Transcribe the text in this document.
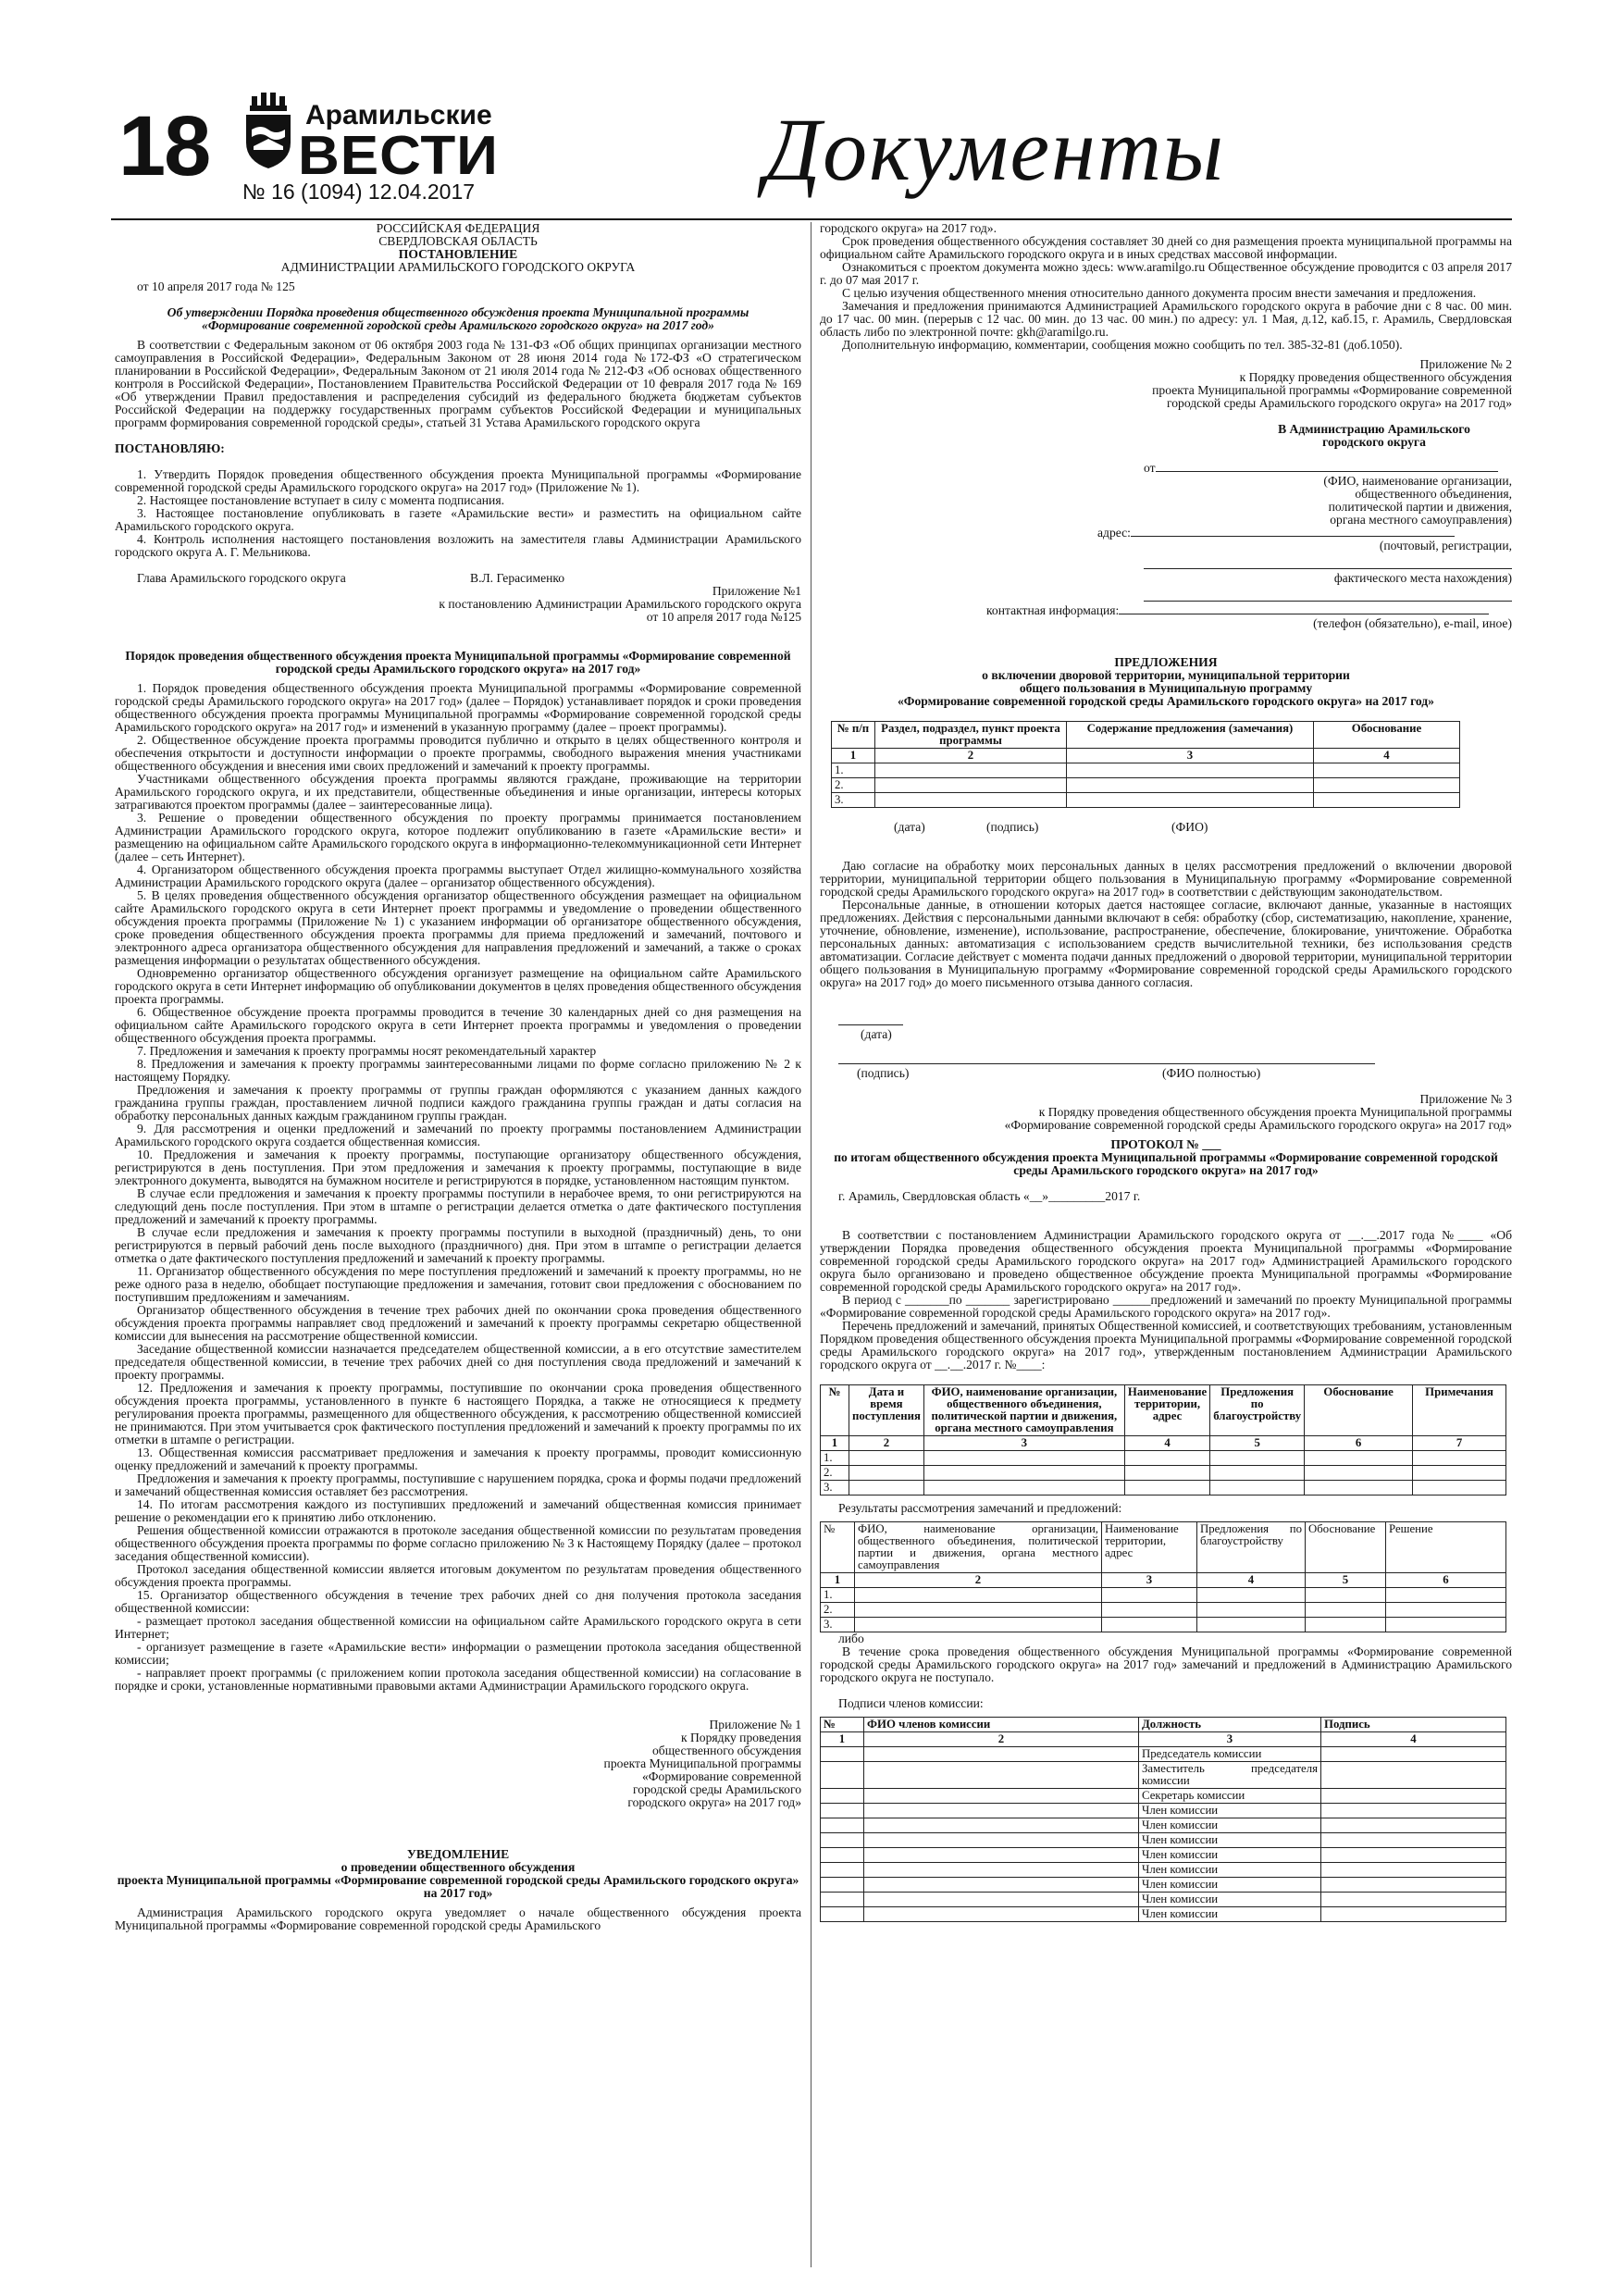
18	Арамильские
ВЕСТИ
№ 16 (1094) 12.04.2017	Документы

РОССИЙСКАЯ ФЕДЕРАЦИЯ

СВЕРДЛОВСКАЯ ОБЛАСТЬ

ПОСТАНОВЛЕНИЕ

АДМИНИСТРАЦИИ АРАМИЛЬСКОГО ГОРОДСКОГО ОКРУГА

от 10 апреля 2017 года № 125

Об утверждении Порядка проведения общественного обсуждения проекта Муниципальной программы «Формирование современной городской среды Арамильского городского округа» на 2017 год»

В соответствии с Федеральным законом от 06 октября 2003 года № 131-ФЗ «Об общих принципах организации местного самоуправления в Российской Федерации», Федеральным Законом от 28 июня 2014 года №172-ФЗ «О стратегическом планировании в Российской Федерации», Федеральным Законом от 21 июля 2014 года № 212-ФЗ «Об основах общественного контроля в Российской Федерации», Постановлением Правительства Российской Федерации от 10 февраля 2017 года № 169 «Об утверждении Правил предоставления и распределения субсидий из федерального бюджета бюджетам субъектов Российской Федерации на поддержку государственных программ субъектов Российской Федерации и муниципальных программ формирования современной городской среды», статьей 31 Устава Арамильского городского округа

ПОСТАНОВЛЯЮ:

1. Утвердить Порядок проведения общественного обсуждения проекта Муниципальной программы «Формирование современной городской среды Арамильского городского округа» на 2017 год» (Приложение № 1).

2. Настоящее постановление вступает в силу с момента подписания.

3. Настоящее постановление опубликовать в газете «Арамильские вести» и разместить на официальном сайте Арамильского городского округа.

4. Контроль исполнения настоящего постановления возложить на заместителя главы Администрации Арамильского городского округа А. Г. Мельникова.

Глава Арамильского городского округа	В.Л. Герасименко

Приложение №1

к постановлению Администрации Арамильского городского округа

от 10 апреля 2017 года №125

Порядок проведения общественного обсуждения проекта Муниципальной программы «Формирование современной городской среды Арамильского городского округа» на 2017 год»

1. Порядок проведения общественного обсуждения проекта Муниципальной программы «Формирование современной городской среды Арамильского городского округа» на 2017 год» (далее – Порядок) устанавливает порядок и сроки проведения общественного обсуждения проекта программы Муниципальной программы «Формирование современной городской среды Арамильского городского округа» на 2017 год» и изменений в указанную программу (далее – проект программы).

2. Общественное обсуждение проекта программы проводится публично и открыто в целях общественного контроля и обеспечения открытости и доступности информации о проекте программы, свободного выражения мнения участниками общественного обсуждения и внесения ими своих предложений и замечаний к проекту программы.

Участниками общественного обсуждения проекта программы являются граждане, проживающие на территории Арамильского городского округа, и их представители, общественные объединения и иные организации, интересы которых затрагиваются проектом программы (далее – заинтересованные лица).

3. Решение о проведении общественного обсуждения по проекту программы принимается постановлением Администрации Арамильского городского округа, которое подлежит опубликованию в газете «Арамильские вести» и размещению на официальном сайте Арамильского городского округа в информационно-телекоммуникационной сети Интернет (далее – сеть Интернет).

4. Организатором общественного обсуждения проекта программы выступает Отдел жилищно-коммунального хозяйства Администрации Арамильского городского округа (далее – организатор общественного обсуждения).

5. В целях проведения общественного обсуждения организатор общественного обсуждения размещает на официальном сайте Арамильского городского округа в сети Интернет проект программы и уведомление о проведении общественного обсуждения проекта программы (Приложение № 1) с указанием информации об организаторе общественного обсуждения, сроке проведения общественного обсуждения проекта программы для приема предложений и замечаний, почтового и электронного адреса организатора общественного обсуждения для направления предложений и замечаний, а также о сроках размещения информации о результатах общественного обсуждения.

Одновременно организатор общественного обсуждения организует размещение на официальном сайте Арамильского городского округа в сети Интернет информацию об опубликовании документов в целях проведения общественного обсуждения проекта программы.

6. Общественное обсуждение проекта программы проводится в течение 30 календарных дней со дня размещения на официальном сайте Арамильского городского округа в сети Интернет проекта программы и уведомления о проведении общественного обсуждения проекта программы.

7. Предложения и замечания к проекту программы носят рекомендательный характер

8. Предложения и замечания к проекту программы заинтересованными лицами по форме согласно приложению № 2 к настоящему Порядку.

Предложения и замечания к проекту программы от группы граждан оформляются с указанием данных каждого гражданина группы граждан, проставлением личной подписи каждого гражданина группы граждан и даты согласия на обработку персональных данных каждым гражданином группы граждан.

9. Для рассмотрения и оценки предложений и замечаний по проекту программы постановлением Администрации Арамильского городского округа создается общественная комиссия.

10. Предложения и замечания к проекту программы, поступающие организатору общественного обсуждения, регистрируются в день поступления. При этом предложения и замечания к проекту программы, поступающие в виде электронного документа, выводятся на бумажном носителе и регистрируются в порядке, установленном настоящим пунктом.

В случае если предложения и замечания к проекту программы поступили в нерабочее время, то они регистрируются на следующий день после поступления. При этом в штампе о регистрации делается отметка о дате фактического поступления предложений и замечаний к проекту программы.

В случае если предложения и замечания к проекту программы поступили в выходной (праздничный) день, то они регистрируются в первый рабочий день после выходного (праздничного) дня. При этом в штампе о регистрации делается отметка о дате фактического поступления предложений и замечаний к проекту программы.

11. Организатор общественного обсуждения по мере поступления предложений и замечаний к проекту программы, но не реже одного раза в неделю, обобщает поступающие предложения и замечания, готовит свои предложения с обоснованием по поступившим предложениям и замечаниям.

Организатор общественного обсуждения в течение трех рабочих дней по окончании срока проведения общественного обсуждения проекта программы направляет свод предложений и замечаний к проекту программы секретарю общественной комиссии для вынесения на рассмотрение общественной комиссии.

Заседание общественной комиссии назначается председателем общественной комиссии, а в его отсутствие заместителем председателя общественной комиссии, в течение трех рабочих дней со дня поступления свода предложений и замечаний к проекту программы.

12. Предложения и замечания к проекту программы, поступившие по окончании срока проведения общественного обсуждения проекта программы, установленного в пункте 6 настоящего Порядка, а также не относящиеся к предмету регулирования проекта программы, размещенного для общественного обсуждения, к рассмотрению общественной комиссией не принимаются. При этом учитывается срок фактического поступления предложений и замечаний к проекту программы по их отметки в штампе о регистрации.

13. Общественная комиссия рассматривает предложения и замечания к проекту программы, проводит комиссионную оценку предложений и замечаний к проекту программы.

Предложения и замечания к проекту программы, поступившие с нарушением порядка, срока и формы подачи предложений и замечаний общественная комиссия оставляет без рассмотрения.

14. По итогам рассмотрения каждого из поступивших предложений и замечаний общественная комиссия принимает решение о рекомендации его к принятию либо отклонению.

Решения общественной комиссии отражаются в протоколе заседания общественной комиссии по результатам проведения общественного обсуждения проекта программы по форме согласно приложению № 3 к Настоящему Порядку (далее – протокол заседания общественной комиссии).

Протокол заседания общественной комиссии является итоговым документом по результатам проведения общественного обсуждения проекта программы.

15. Организатор общественного обсуждения в течение трех рабочих дней со дня получения протокола заседания общественной комиссии:

- размещает протокол заседания общественной комиссии на официальном сайте Арамильского городского округа в сети Интернет;

- организует размещение в газете «Арамильские вести» информации о размещении протокола заседания общественной комиссии;

- направляет проект программы (с приложением копии протокола заседания общественной комиссии) на согласование в порядке и сроки, установленные нормативными правовыми актами Администрации Арамильского городского округа.

Приложение № 1

к Порядку проведения

общественного обсуждения

проекта Муниципальной программы

«Формирование современной

городской среды Арамильского

городского округа» на 2017 год»

УВЕДОМЛЕНИЕ

о проведении общественного обсуждения

проекта Муниципальной программы «Формирование современной городской среды Арамильского городского округа» на 2017 год»

Администрация Арамильского городского округа уведомляет о начале общественного обсуждения проекта Муниципальной программы «Формирование современной городской среды Арамильского

городского округа» на 2017 год».

Срок проведения общественного обсуждения составляет 30 дней со дня размещения проекта муниципальной программы на официальном сайте Арамильского городского округа и в иных средствах массовой информации.

Ознакомиться с проектом документа можно здесь: www.aramilgo.ru Общественное обсуждение проводится с 03 апреля 2017 г. до 07 мая 2017 г.

С целью изучения общественного мнения относительно данного документа просим внести замечания и предложения.

Замечания и предложения принимаются Администрацией Арамильского городского округа в рабочие дни с 8 час. 00 мин. до 17 час. 00 мин. (перерыв с 12 час. 00 мин. до 13 час. 00 мин.) по адресу: ул. 1 Мая, д.12, каб.15, г. Арамиль, Свердловская область либо по электронной почте: gkh@aramilgo.ru.

Дополнительную информацию, комментарии, сообщения можно сообщить по тел. 385-32-81 (доб.1050).

Приложение № 2

к Порядку проведения общественного обсуждения

проекта Муниципальной программы «Формирование современной

городской среды Арамильского городского округа» на 2017 год»

В Администрацию Арамильского

городского округа

от

(ФИО, наименование организации,

общественного объединения,

политической партии и движения,

органа местного самоуправления)

адрес:

(почтовый, регистрации,

фактического места нахождения)

контактная информация:

(телефон (обязательно), e-mail, иное)

ПРЕДЛОЖЕНИЯ

о включении дворовой территории, муниципальной территории

общего пользования в Муниципальную программу

«Формирование современной городской среды Арамильского городского округа» на 2017 год»

№ п/п	Раздел, подраздел, пункт проекта программы	Содержание предложения (замечания)	Обоснование
1	2	3	4
1.			
2.			
3.			

(дата)	(подпись)	(ФИО)

Даю согласие на обработку моих персональных данных в целях рассмотрения предложений о включении дворовой территории, муниципальной территории общего пользования в Муниципальную программу «Формирование современной городской среды Арамильского городского округа» на 2017 год» в соответствии с действующим законодательством.

Персональные данные, в отношении которых дается настоящее согласие, включают данные, указанные в настоящих предложениях. Действия с персональными данными включают в себя: обработку (сбор, систематизацию, накопление, хранение, уточнение, обновление, изменение), использование, распространение, обеспечение, блокирование, уничтожение. Обработка персональных данных: автоматизация с использованием средств вычислительной техники, без использования средств автоматизации. Согласие действует с момента подачи данных предложений о дворовой территории, муниципальной территории общего пользования в Муниципальную программу «Формирование современной городской среды Арамильского городского округа» на 2017 год» до моего письменного отзыва данного согласия.

(дата)

(подпись)	(ФИО полностью)

Приложение № 3

к Порядку проведения общественного обсуждения проекта Муниципальной программы

«Формирование современной городской среды Арамильского городского округа» на 2017 год»

ПРОТОКОЛ № ___

по итогам общественного обсуждения проекта Муниципальной программы «Формирование современной городской среды Арамильского городского округа» на 2017 год»

г. Арамиль, Свердловская область «__»_________2017 г.

В соответствии с постановлением Администрации Арамильского городского округа от __.__.2017 года №____ «Об утверждении Порядка проведения общественного обсуждения проекта Муниципальной программы «Формирование современной городской среды Арамильского городского округа» на 2017 год» Администрацией Арамильского городского округа было организовано и проведено общественное обсуждение проекта Муниципальной программы «Формирование современной городской среды Арамильского городского округа» на 2017 год».

В период с _______по _______ зарегистрировано ______предложений и замечаний по проекту Муниципальной программы «Формирование современной городской среды Арамильского городского округа» на 2017 год».

Перечень предложений и замечаний, принятых Общественной комиссией, и соответствующих требованиям, установленным Порядком проведения общественного обсуждения проекта Муниципальной программы «Формирование современной городской среды Арамильского городского округа» на 2017 год», утвержденным постановлением Администрации Арамильского городского округа от __.__.2017 г. №____:

№	Дата и время поступления	ФИО, наименование организации, общественного объединения, политической партии и движения, органа местного самоуправления	Наименование территории, адрес	Предложения по благоустройству	Обоснование	Примечания
1	2	3	4	5	6	7
1.						
2.						
3.						

Результаты рассмотрения замечаний и предложений:

№	ФИО, наименование организации, общественного объединения, политической партии и движения, органа местного самоуправления	Наименование территории, адрес	Предложения по благоустройству	Обоснование	Решение
1	2	3	4	5	6
1.					
2.					
3.					

либо

В течение срока проведения общественного обсуждения Муниципальной программы «Формирование современной городской среды Арамильского городского округа» на 2017 год» замечаний и предложений в Администрацию Арамильского городского округа не поступало.

Подписи членов комиссии:

№	ФИО членов комиссии	Должность	Подпись
1	2	3	4
		Председатель комиссии	
		Заместитель председателя комиссии	
		Секретарь комиссии	
		Член комиссии	
		Член комиссии	
		Член комиссии	
		Член комиссии	
		Член комиссии	
		Член комиссии	
		Член комиссии	
		Член комиссии	
